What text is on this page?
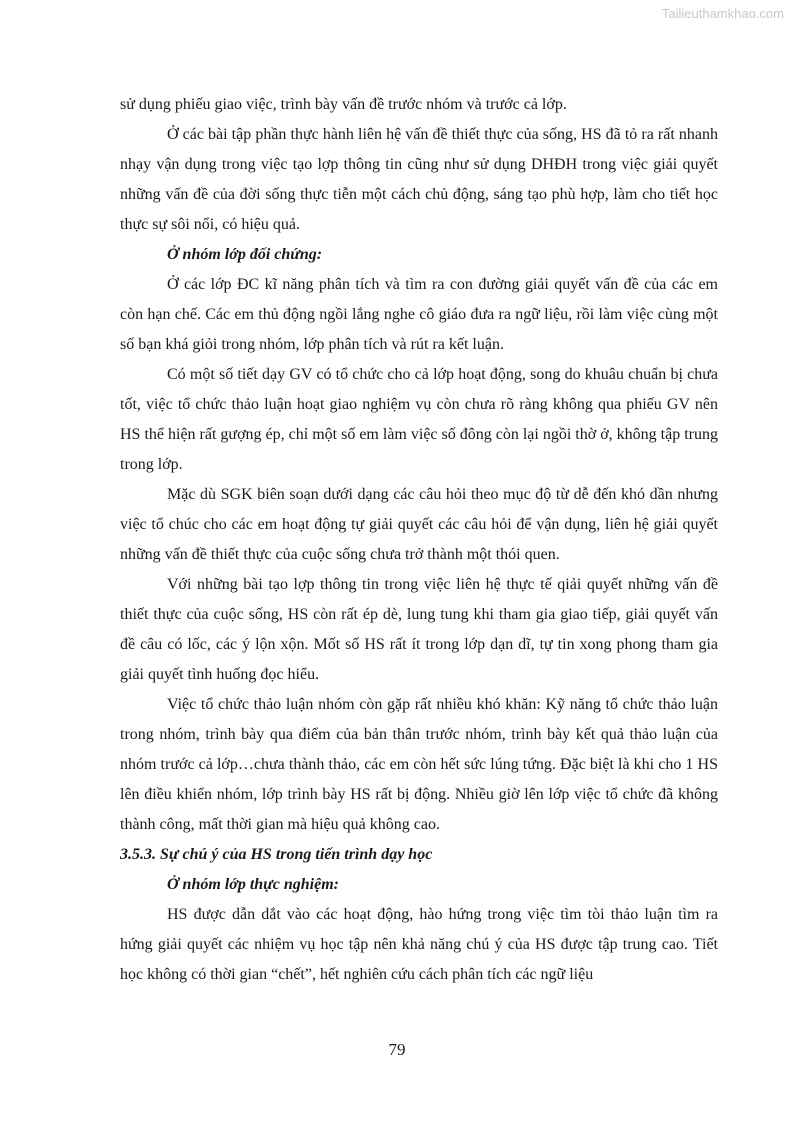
Tailieuthamkhao.com

sử dụng phiếu giao việc, trình bày vấn đề trước nhóm và trước cả lớp.

Ở các bài tập phần thực hành liên hệ vấn đề thiết thực của sống, HS đã tỏ ra rất nhanh nhạy vận dụng trong việc tạo lợp thông tin cũng như sử dụng DHĐH trong việc giải quyết những vấn đề của đời sống thực tiễn một cách chủ động, sáng tạo phù hợp, làm cho tiết học thực sự sôi nổi, có hiệu quả.

Ở nhóm lớp đối chứng:

Ở các lớp ĐC kĩ năng phân tích và tìm ra con đường giải quyết vấn đề của các em còn hạn chế. Các em thủ động ngồi lắng nghe cô giáo đưa ra ngữ liệu, rồi làm việc cùng một số bạn khá giỏi trong nhóm, lớp phân tích và rút ra kết luận.

Có một số tiết dạy GV có tổ chức cho cả lớp hoạt động, song do khuâu chuẩn bị chưa tốt, việc tổ chức thảo luận hoạt giao nghiệm vụ còn chưa rõ ràng không qua phiếu GV nên HS thể hiện rất gượng ép, chỉ một số em làm việc số đông còn lại ngồi thờ ở, không tập trung trong lớp.

Mặc dù SGK biên soạn dưới dạng các câu hỏi theo mục độ từ dễ đến khó dần nhưng việc tổ chúc cho các em hoạt động tự giải quyết các câu hỏi để vận dụng, liên hệ giải quyết những vấn đề thiết thực của cuộc sống chưa trở thành một thói quen.

Với những bài tạo lợp thông tin trong việc liên hệ thực tế qiải quyết những vấn đề thiết thực của cuộc sống, HS còn rất ép dè, lung tung khi tham gia giao tiếp, giải quyết vấn đề câu có lốc, các ý lộn xộn. Mốt số HS rất ít trong lớp dạn dĩ, tự tin xong phong tham gia giải quyết tình huống đọc hiểu.

Việc tổ chức thảo luận nhóm còn gặp rất nhiều khó khăn: Kỹ năng tổ chức thảo luận trong nhóm, trình bày qua điểm của bản thân trước nhóm, trình bày kết quả thảo luận của nhóm trước cả lớp…chưa thành thảo, các em còn hết sức lúng tứng. Đặc biệt là khi cho 1 HS lên điều khiển nhóm, lớp trình bày HS rất bị động. Nhiều giờ lên lớp việc tổ chức đã không thành công, mất thời gian mà hiệu quả không cao.

3.5.3. Sự chú ý của HS trong tiến trình dạy học

Ở nhóm lớp thực nghiệm:

HS được dẫn dắt vào các hoạt động, hào hứng trong việc tìm tòi thảo luận tìm ra hứng giải quyết các nhiệm vụ học tập nên khả năng chú ý của HS được tập trung cao. Tiết học không có thời gian “chết”, hết nghiên cứu cách phân tích các ngữ liệu

79
